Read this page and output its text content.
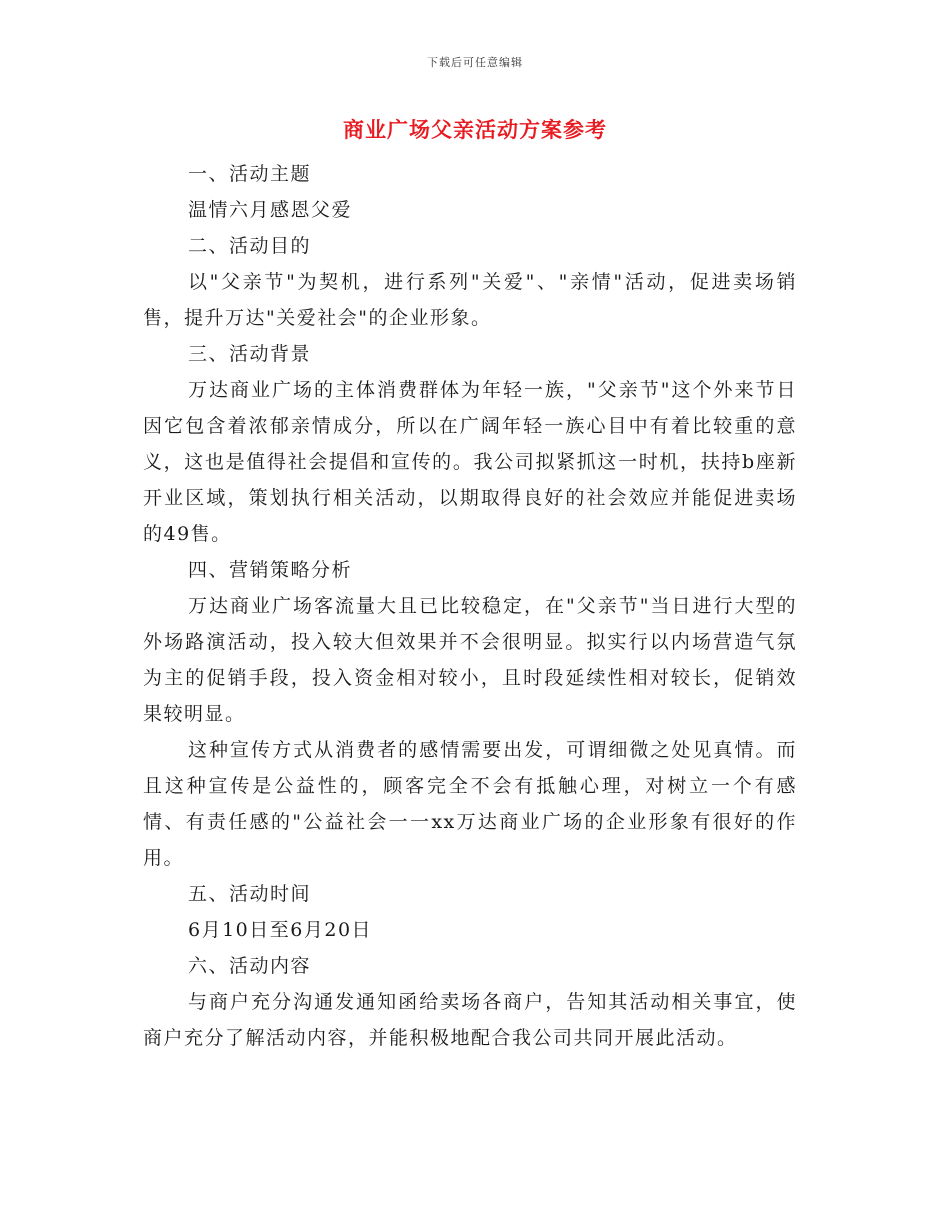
下载后可任意编辑
商业广场父亲活动方案参考

一、活动主题

温情六月感恩父爱

二、活动目的

以"父亲节"为契机，进行系列"关爱"、"亲情"活动，促进卖场销售，提升万达"关爱社会"的企业形象。

三、活动背景

万达商业广场的主体消费群体为年轻一族，"父亲节"这个外来节日因它包含着浓郁亲情成分，所以在广阔年轻一族心目中有着比较重的意义，这也是值得社会提倡和宣传的。我公司拟紧抓这一时机，扶持b座新开业区域，策划执行相关活动，以期取得良好的社会效应并能促进卖场的49售。

四、营销策略分析

万达商业广场客流量大且已比较稳定，在"父亲节"当日进行大型的外场路演活动，投入较大但效果并不会很明显。拟实行以内场营造气氛为主的促销手段，投入资金相对较小，且时段延续性相对较长，促销效果较明显。

这种宣传方式从消费者的感情需要出发，可谓细微之处见真情。而且这种宣传是公益性的，顾客完全不会有抵触心理，对树立一个有感情、有责任感的"公益社会一一xx万达商业广场的企业形象有很好的作用。

五、活动时间

6月10日至6月20日

六、活动内容

与商户充分沟通发通知函给卖场各商户，告知其活动相关事宜，使商户充分了解活动内容，并能积极地配合我公司共同开展此活动。
